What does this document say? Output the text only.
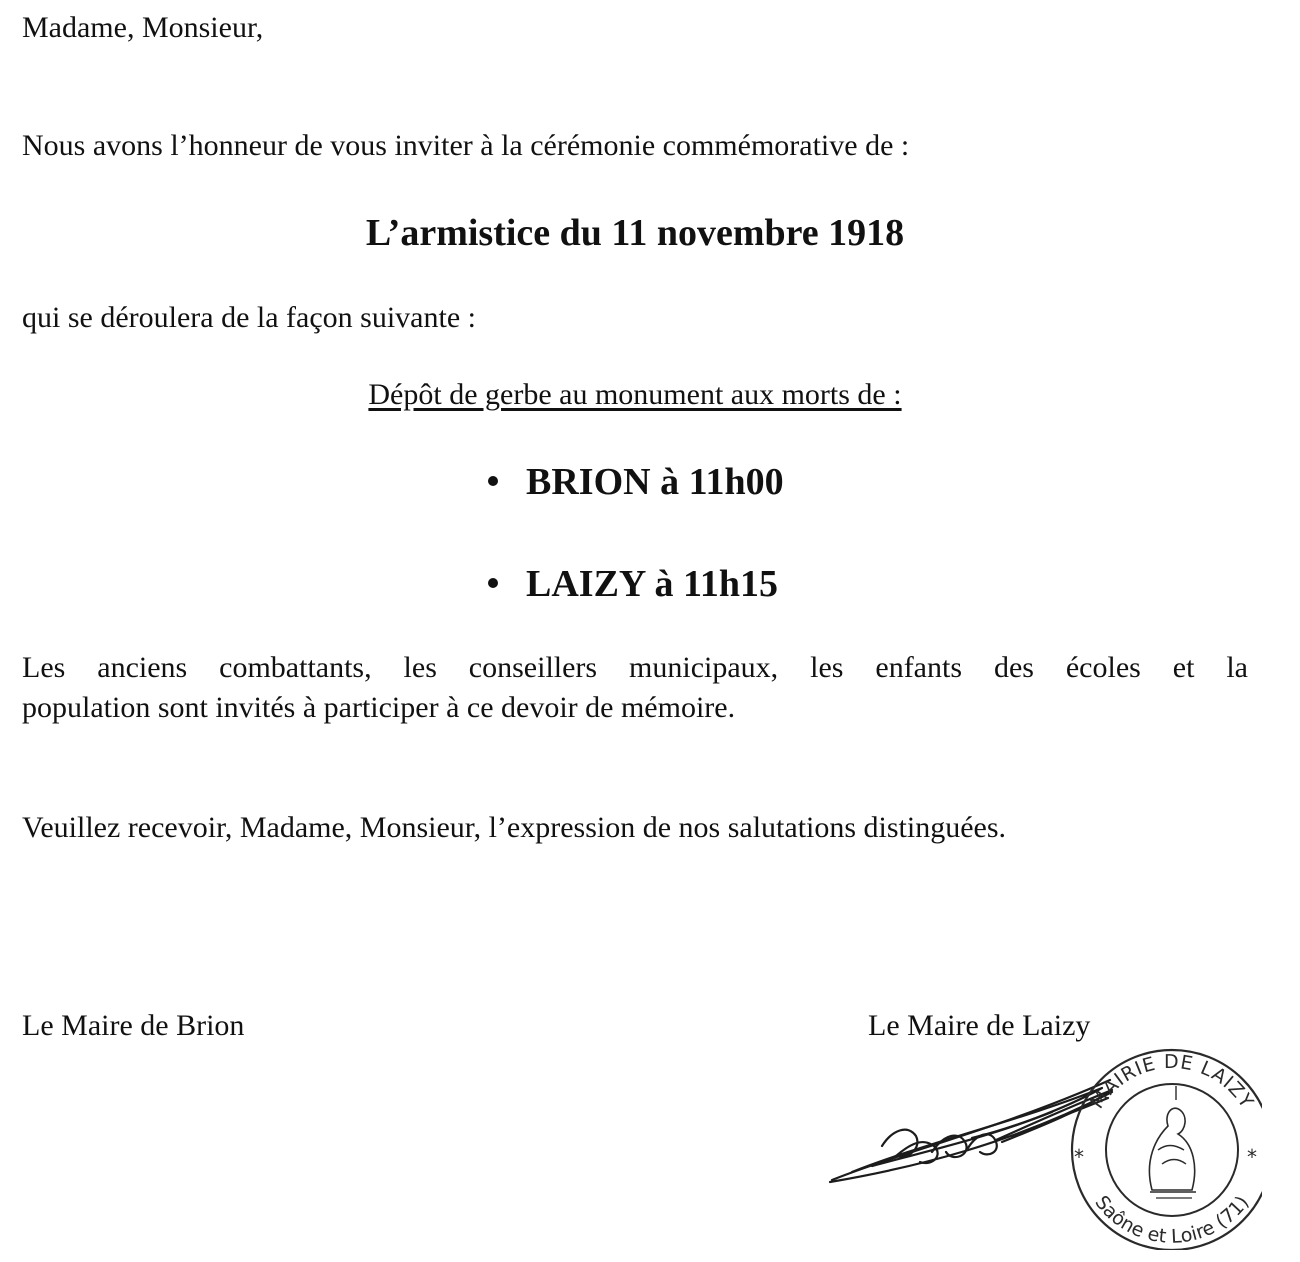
Madame, Monsieur,
Nous avons l’honneur de vous inviter à la cérémonie commémorative de :
L’armistice du 11 novembre 1918
qui se déroulera de la façon suivante :
Dépôt de gerbe au monument aux morts de :
BRION à 11h00
LAIZY à 11h15
Les anciens combattants, les conseillers municipaux, les enfants des écoles et la
population sont invités à participer à ce devoir de mémoire.
Veuillez recevoir, Madame, Monsieur, l’expression de nos salutations distinguées.
Le Maire de Brion	Le Maire de Laizy
*	*
MAIRIE DE LAIZY
Saône et Loire (71)
